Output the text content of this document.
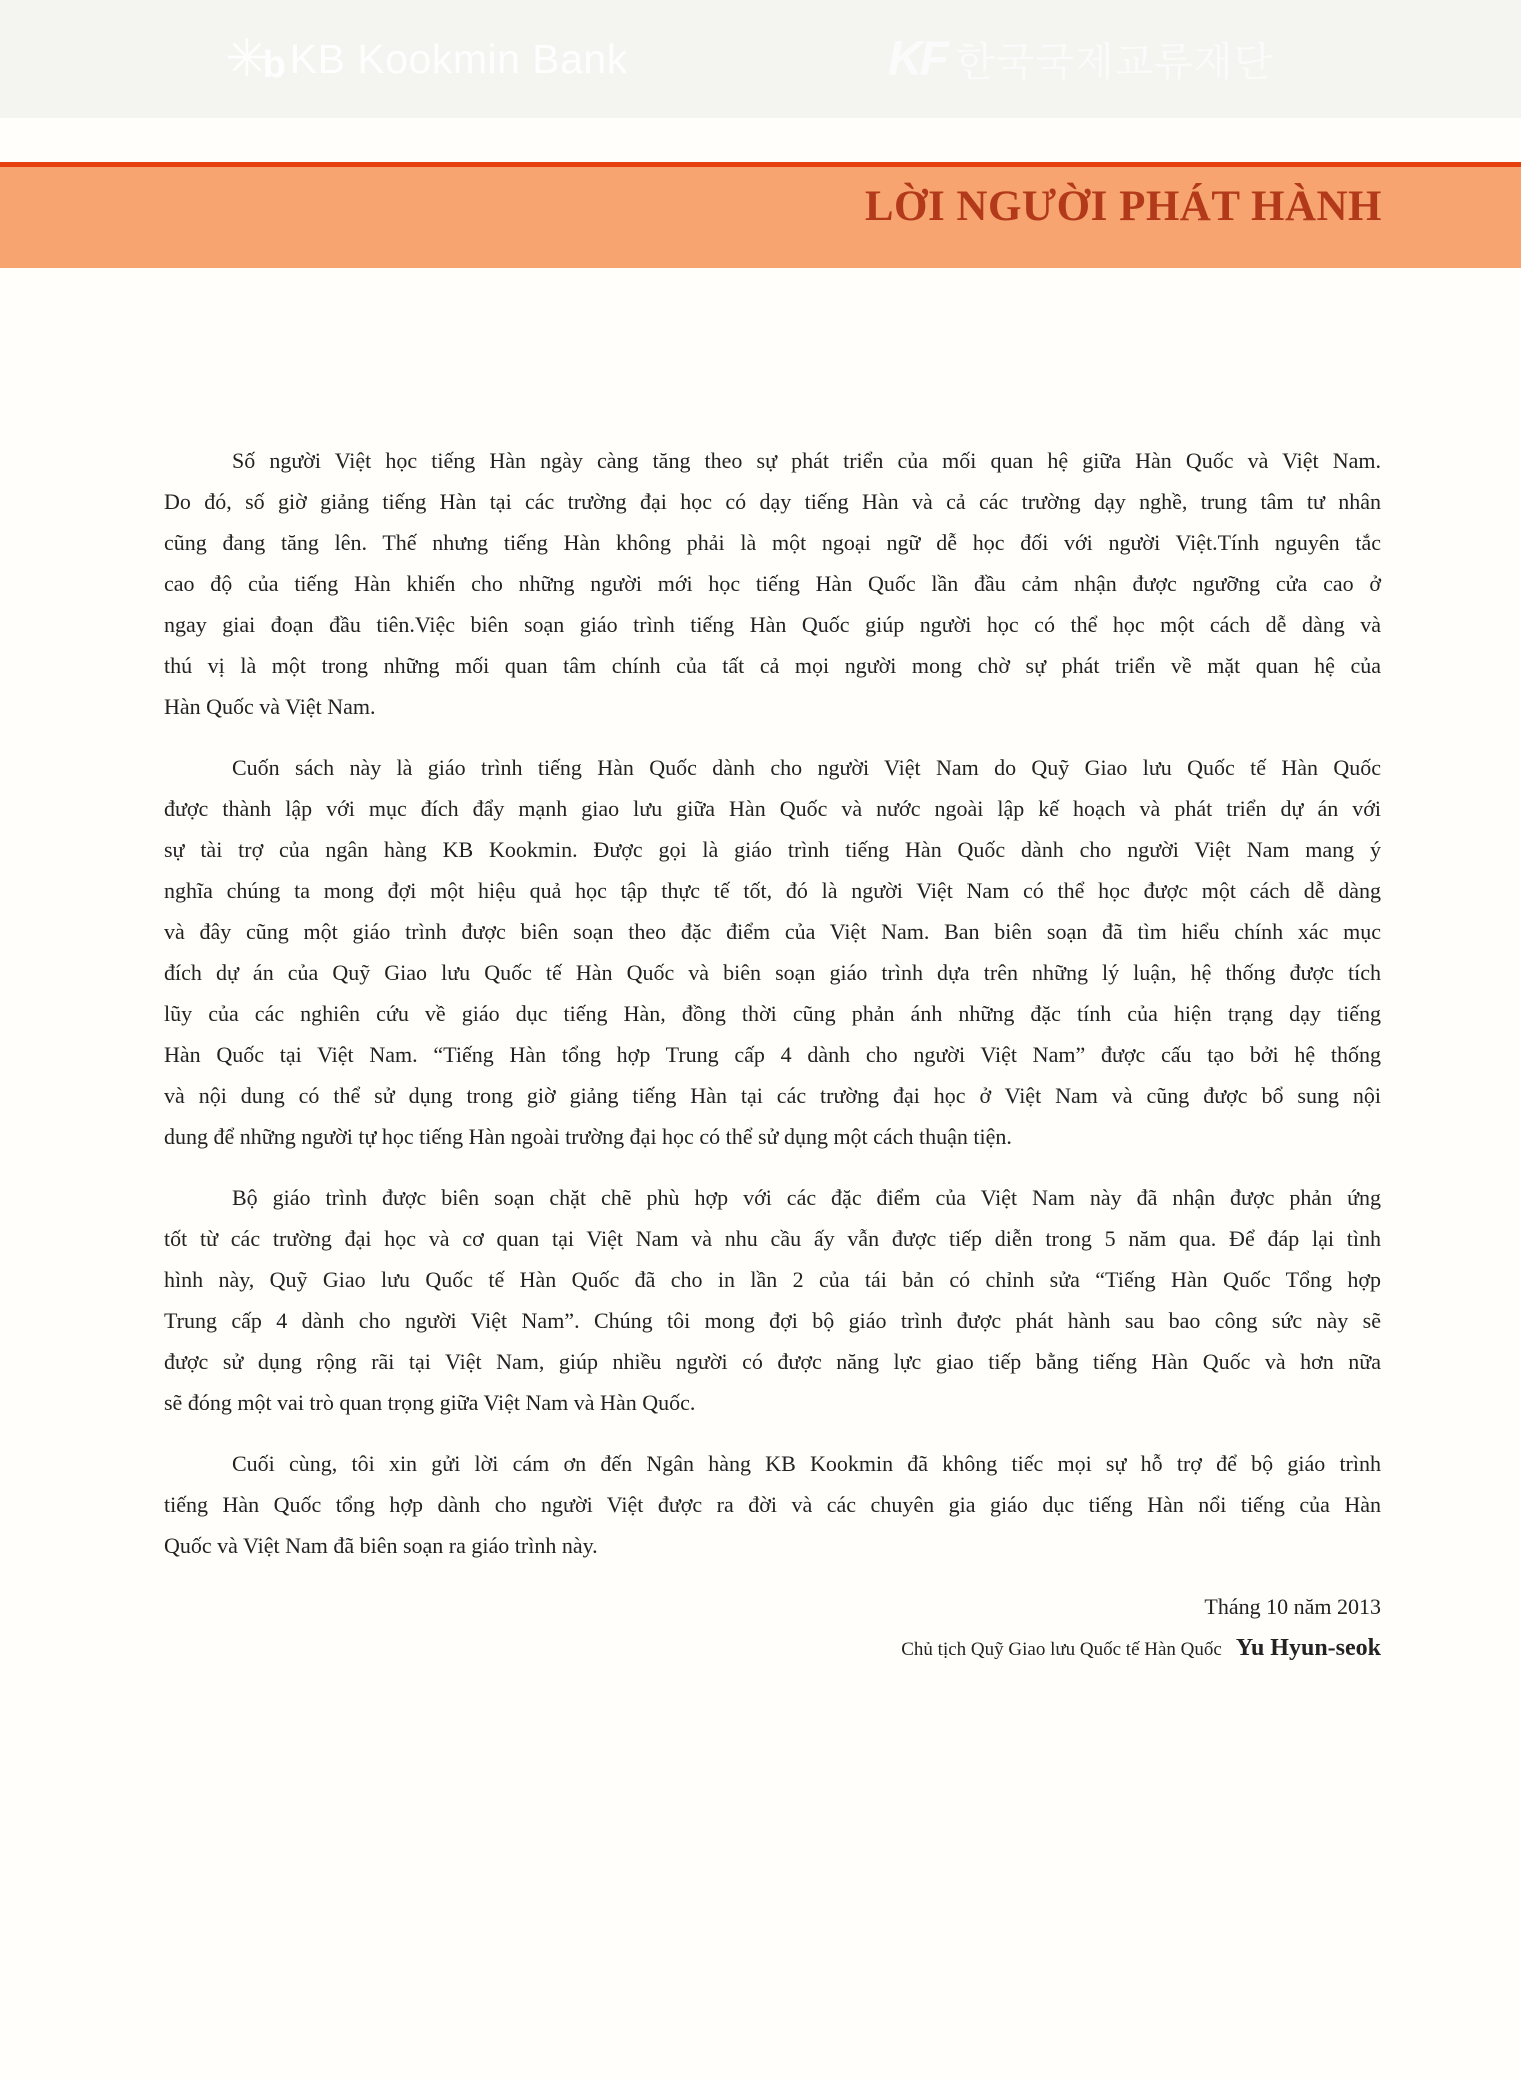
✳
b KB Kookmin Bank	KF 한국국제교류재단
LỜI NGƯỜI PHÁT HÀNH
Số người Việt học tiếng Hàn ngày càng tăng theo sự phát triển của mối quan hệ giữa Hàn Quốc và Việt Nam.
Do đó, số giờ giảng tiếng Hàn tại các trường đại học có dạy tiếng Hàn và cả các trường dạy nghề, trung tâm tư nhân
cũng đang tăng lên. Thế nhưng tiếng Hàn không phải là một ngoại ngữ dễ học đối với người Việt.Tính nguyên tắc
cao độ của tiếng Hàn khiến cho những người mới học tiếng Hàn Quốc lần đầu cảm nhận được ngưỡng cửa cao ở
ngay giai đoạn đầu tiên.Việc biên soạn giáo trình tiếng Hàn Quốc giúp người học có thể học một cách dễ dàng và
thú vị là một trong những mối quan tâm chính của tất cả mọi người mong chờ sự phát triển về mặt quan hệ của
Hàn Quốc và Việt Nam.
Cuốn sách này là giáo trình tiếng Hàn Quốc dành cho người Việt Nam do Quỹ Giao lưu Quốc tế Hàn Quốc
được thành lập với mục đích đẩy mạnh giao lưu giữa Hàn Quốc và nước ngoài lập kế hoạch và phát triển dự án với
sự tài trợ của ngân hàng KB Kookmin. Được gọi là giáo trình tiếng Hàn Quốc dành cho người Việt Nam mang ý
nghĩa chúng ta mong đợi một hiệu quả học tập thực tế tốt, đó là người Việt Nam có thể học được một cách dễ dàng
và đây cũng một giáo trình được biên soạn theo đặc điểm của Việt Nam. Ban biên soạn đã tìm hiểu chính xác mục
đích dự án của Quỹ Giao lưu Quốc tế Hàn Quốc và biên soạn giáo trình dựa trên những lý luận, hệ thống được tích
lũy của các nghiên cứu về giáo dục tiếng Hàn, đồng thời cũng phản ánh những đặc tính của hiện trạng dạy tiếng
Hàn Quốc tại Việt Nam. “Tiếng Hàn tổng hợp Trung cấp 4 dành cho người Việt Nam” được cấu tạo bởi hệ thống
và nội dung có thể sử dụng trong giờ giảng tiếng Hàn tại các trường đại học ở Việt Nam và cũng được bổ sung nội
dung để những người tự học tiếng Hàn ngoài trường đại học có thể sử dụng một cách thuận tiện.
Bộ giáo trình được biên soạn chặt chẽ phù hợp với các đặc điểm của Việt Nam này đã nhận được phản ứng
tốt từ các trường đại học và cơ quan tại Việt Nam và nhu cầu ấy vẫn được tiếp diễn trong 5 năm qua. Để đáp lại tình
hình này, Quỹ Giao lưu Quốc tế Hàn Quốc đã cho in lần 2 của tái bản có chỉnh sửa “Tiếng Hàn Quốc Tổng hợp
Trung cấp 4 dành cho người Việt Nam”. Chúng tôi mong đợi bộ giáo trình được phát hành sau bao công sức này sẽ
được sử dụng rộng rãi tại Việt Nam, giúp nhiều người có được năng lực giao tiếp bằng tiếng Hàn Quốc và hơn nữa
sẽ đóng một vai trò quan trọng giữa Việt Nam và Hàn Quốc.
Cuối cùng, tôi xin gửi lời cám ơn đến Ngân hàng KB Kookmin đã không tiếc mọi sự hỗ trợ để bộ giáo trình
tiếng Hàn Quốc tổng hợp dành cho người Việt được ra đời và các chuyên gia giáo dục tiếng Hàn nổi tiếng của Hàn
Quốc và Việt Nam đã biên soạn ra giáo trình này.
Tháng 10 năm 2013
Chủ tịch Quỹ Giao lưu Quốc tế Hàn Quốc Yu Hyun-seok
